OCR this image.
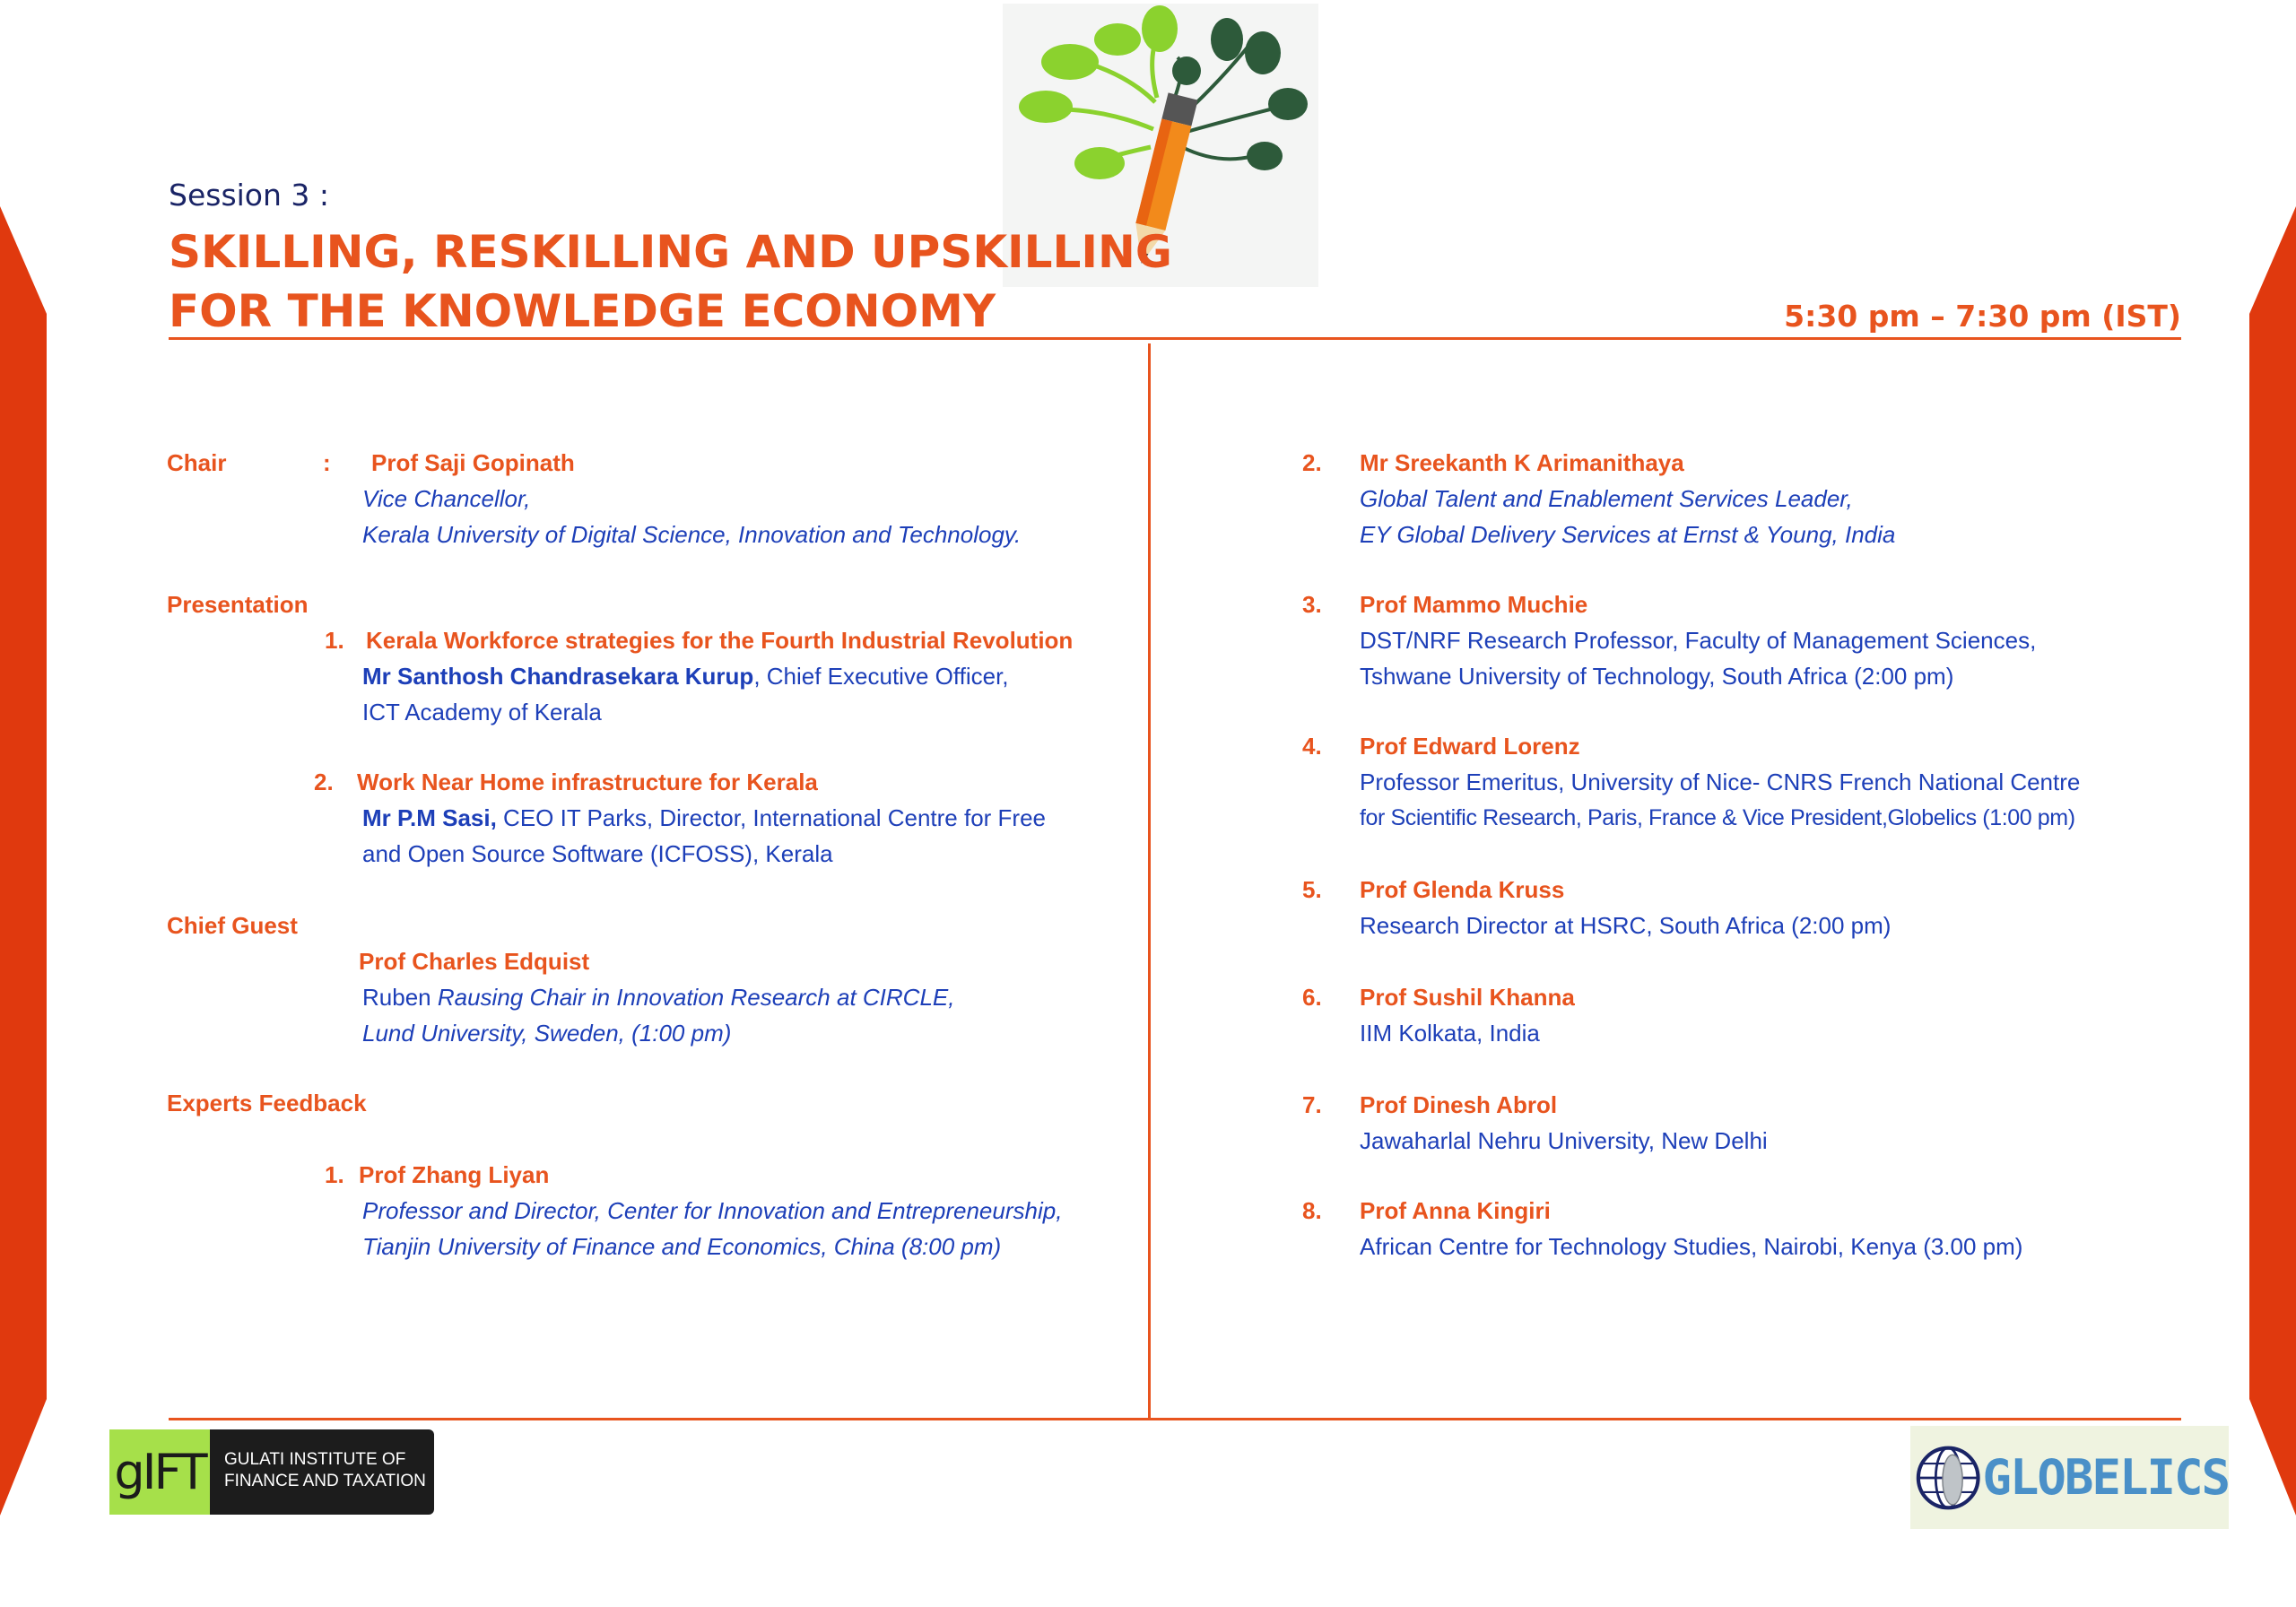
Session 3 :
SKILLING, RESKILLING AND UPSKILLING
FOR THE KNOWLEDGE ECONOMY	5:30 pm – 7:30 pm (IST)
Chair	: Prof Saji Gopinath
Vice Chancellor,
Kerala University of Digital Science, Innovation and Technology.
Presentation
1. Kerala Workforce strategies for the Fourth Industrial Revolution
Mr Santhosh Chandrasekara Kurup, Chief Executive Officer,
ICT Academy of Kerala
2. Work Near Home infrastructure for Kerala
Mr P.M Sasi, CEO IT Parks, Director, International Centre for Free
and Open Source Software (ICFOSS), Kerala
Chief Guest
Prof Charles Edquist
Ruben Rausing Chair in Innovation Research at CIRCLE,
Lund University, Sweden, (1:00 pm)
Experts Feedback
1. Prof Zhang Liyan
Professor and Director, Center for Innovation and Entrepreneurship,
Tianjin University of Finance and Economics, China (8:00 pm)
2. Mr Sreekanth K Arimanithaya
Global Talent and Enablement Services Leader,
EY Global Delivery Services at Ernst & Young, India
3. Prof Mammo Muchie
DST/NRF Research Professor, Faculty of Management Sciences,
Tshwane University of Technology, South Africa (2:00 pm)
4. Prof Edward Lorenz
Professor Emeritus, University of Nice- CNRS French National Centre
for Scientific Research, Paris, France & Vice President,Globelics (1:00 pm)
5. Prof Glenda Kruss
Research Director at HSRC, South Africa (2:00 pm)
6. Prof Sushil Khanna
IIM Kolkata, India
7. Prof Dinesh Abrol
Jawaharlal Nehru University, New Delhi
8. Prof Anna Kingiri
African Centre for Technology Studies, Nairobi, Kenya (3.00 pm)
gIFT GULATI INSTITUTE OF
FINANCE AND TAXATION	GLOBELICS
